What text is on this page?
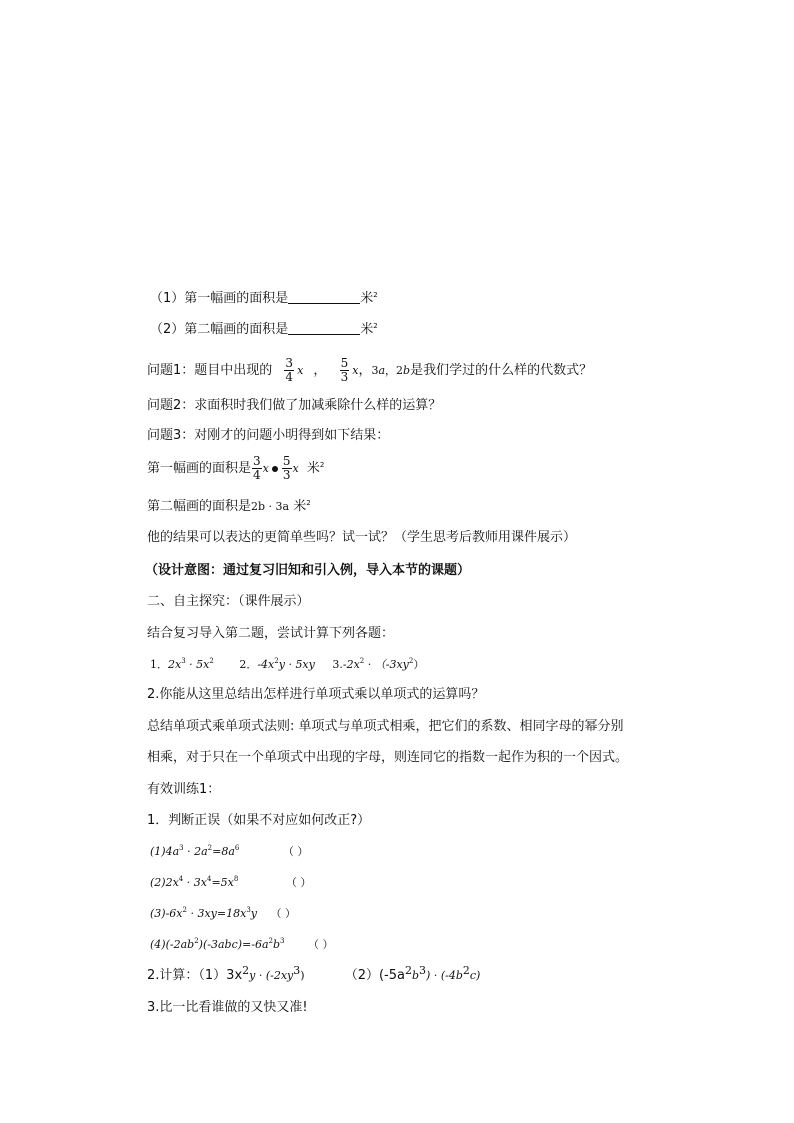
（1）第一幅画的面积是	米$^2$
（2）第二幅画的面积是	米$^2$
问题1：题目中出现的 $\frac{3}{4}$ x ， $\frac{5}{3}$ x，3a，2b是我们学过的什么样的代数式？
问题2：求面积时我们做了加减乘除什么样的运算？
问题3：对刚才的问题小明得到如下结果：
第一幅画的面积是 $\frac{3}{4}$ x $\frac{5}{3}$ x 米$^2$
第二幅画的面积是2b · 3a 米$^2$
他的结果可以表达的更简单些吗？试一试？（学生思考后教师用课件展示）
（设计意图：通过复习旧知和引入例，导入本节的课题）
二、自主探究：（课件展示）
结合复习导入第二题，尝试计算下列各题：
1．$2x^3 \cdot 5x^2$ 2．$-4x^2y \cdot 5xy$ $3.-2x^2 \cdot (-3xy^2)$
2.你能从这里总结出怎样进行单项式乘以单项式的运算吗？
总结单项式乘单项式法则: 单项式与单项式相乘，把它们的系数、相同字母的幂分别
相乘，对于只在一个单项式中出现的字母，则连同它的指数一起作为积的一个因式。
有效训练1：
1．判断正误（如果不对应如何改正?）
$(1)4a^3 \cdot 2a^2=8a^6$	（ ）
$(2)2x^4 \cdot 3x^4=5x^8$	（ ）
$(3)-6x^2 \cdot 3xy=18x^3y$ （ ）
$(4)(-2ab^2)(-3abc)=-6a^2b^3$ （ ）
2.计算：$(1)3x^2y \cdot (-2xy^3)$	$(2)(-5a^2b^3) \cdot (-4b^2c)$
3.比一比看谁做的又快又准!
